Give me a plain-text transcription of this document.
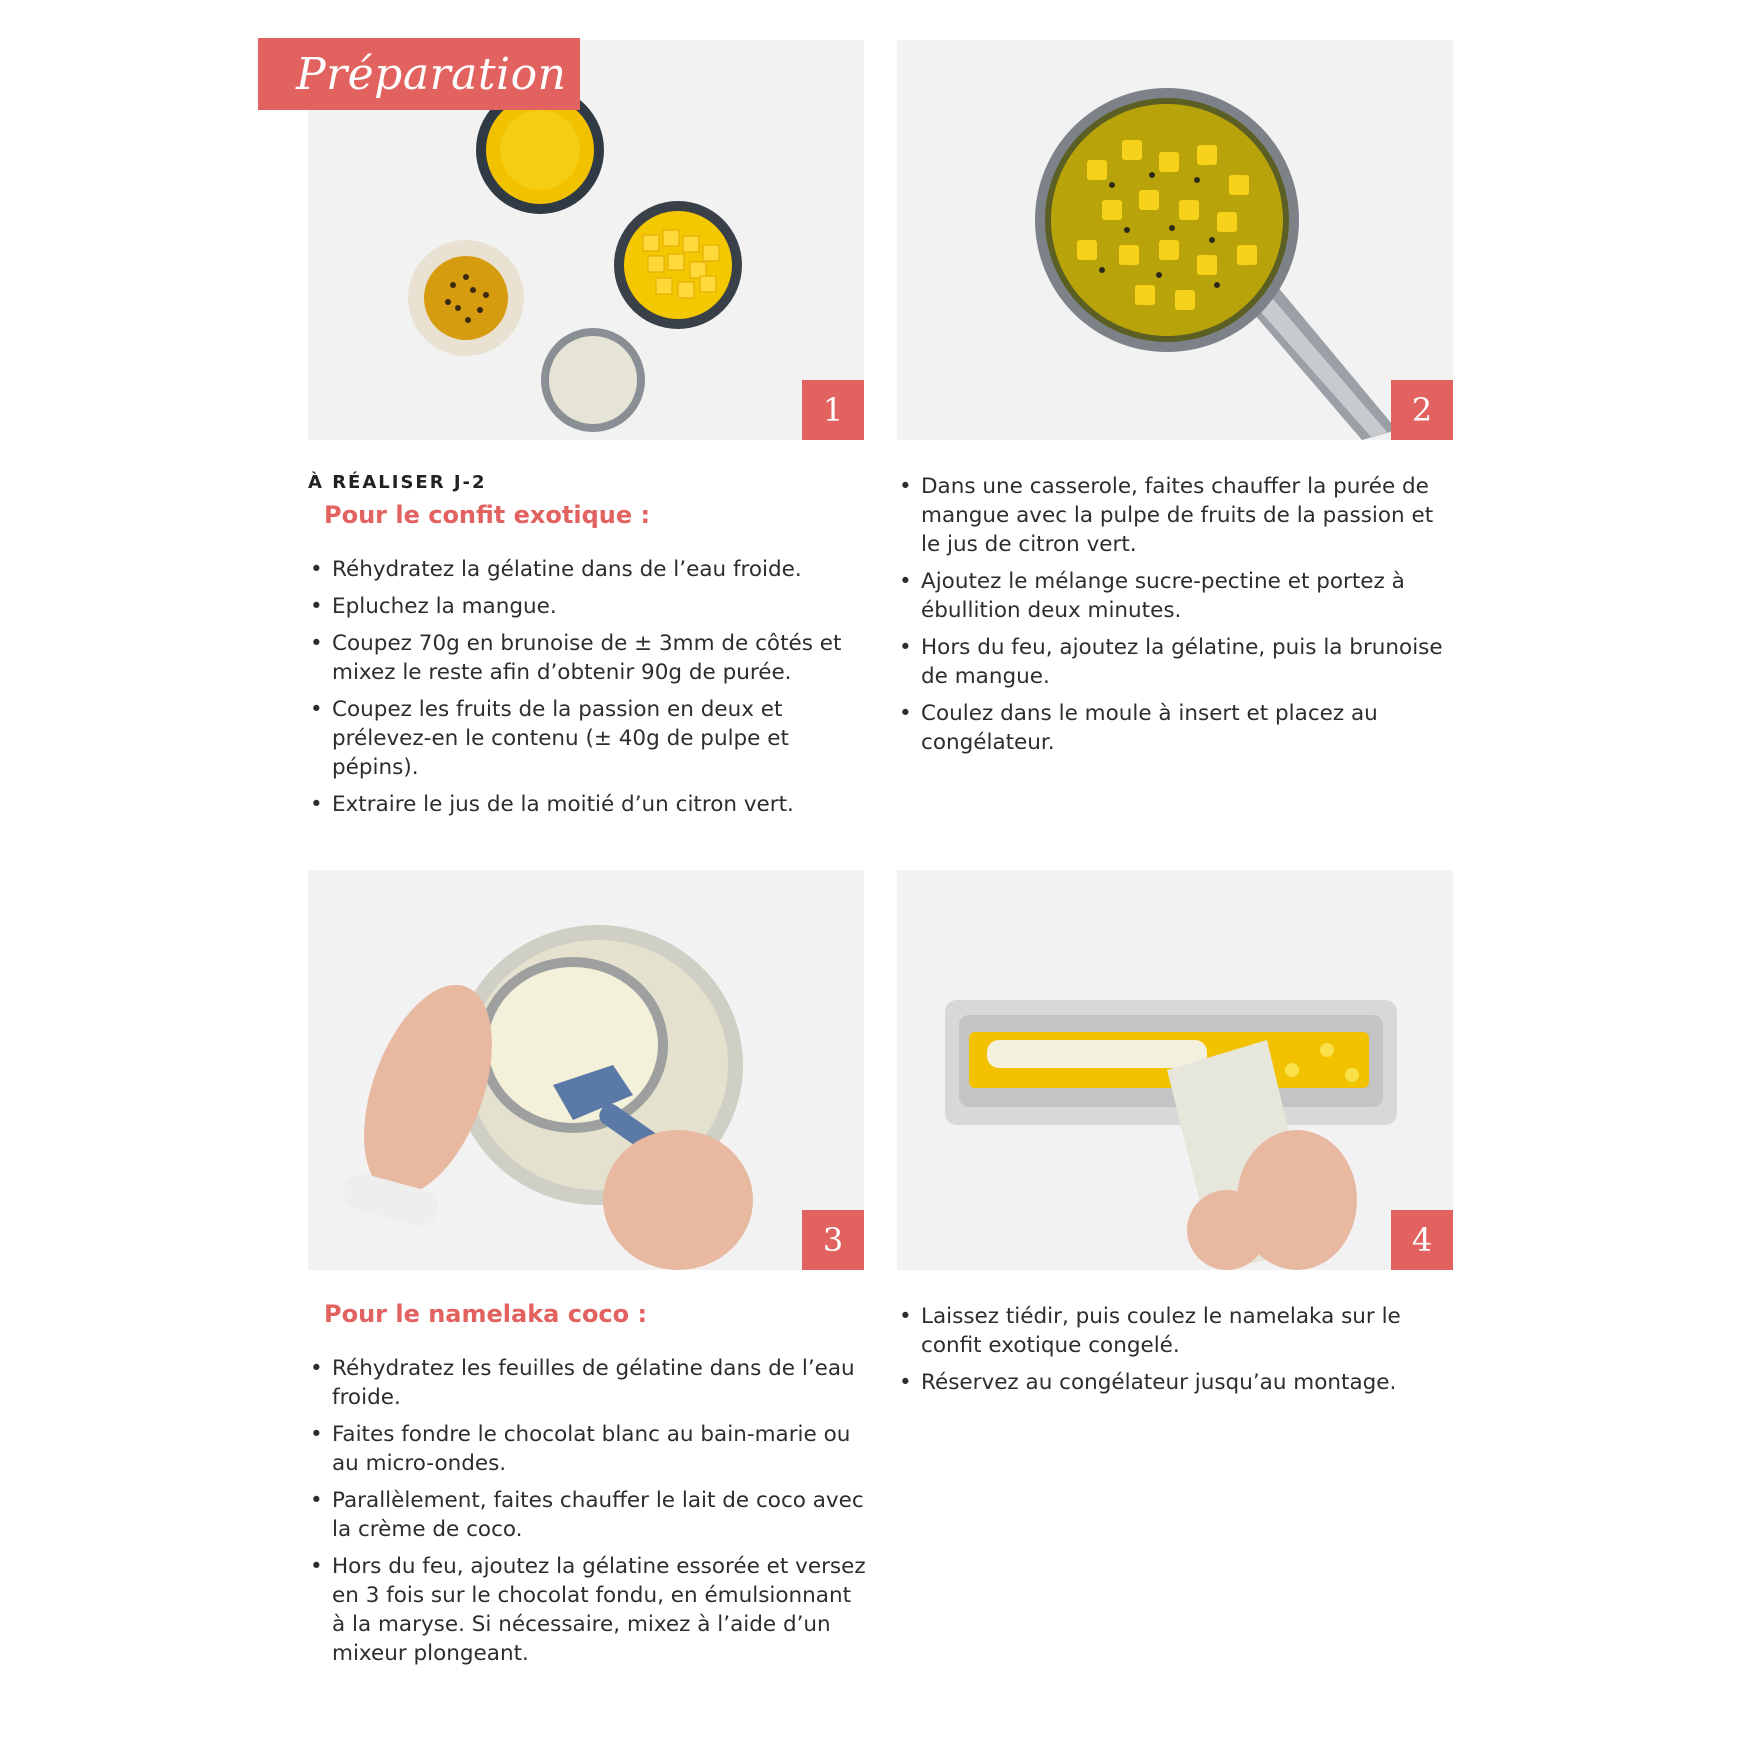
Préparation
1	2
3	4
À RÉALISER J-2
Pour le confit exotique :
• Réhydratez la gélatine dans de l’eau froide.
• Epluchez la mangue.
• Coupez 70g en brunoise de ± 3mm de côtés et mixez le reste afin d’obtenir 90g de purée.
• Coupez les fruits de la passion en deux et prélevez-en le contenu (± 40g de pulpe et pépins).
• Extraire le jus de la moitié d’un citron vert.
• Dans une casserole, faites chauffer la purée de mangue avec la pulpe de fruits de la passion et le jus de citron vert.
• Ajoutez le mélange sucre-pectine et portez à ébullition deux minutes.
• Hors du feu, ajoutez la gélatine, puis la brunoise de mangue.
• Coulez dans le moule à insert et placez au congélateur.
Pour le namelaka coco :
• Réhydratez les feuilles de gélatine dans de l’eau froide.
• Faites fondre le chocolat blanc au bain-marie ou au micro-ondes.
• Parallèlement, faites chauffer le lait de coco avec la crème de coco.
• Hors du feu, ajoutez la gélatine essorée et versez en 3 fois sur le chocolat fondu, en émulsionnant à la maryse. Si nécessaire, mixez à l’aide d’un mixeur plongeant.
• Laissez tiédir, puis coulez le namelaka sur le confit exotique congelé.
• Réservez au congélateur jusqu’au montage.
